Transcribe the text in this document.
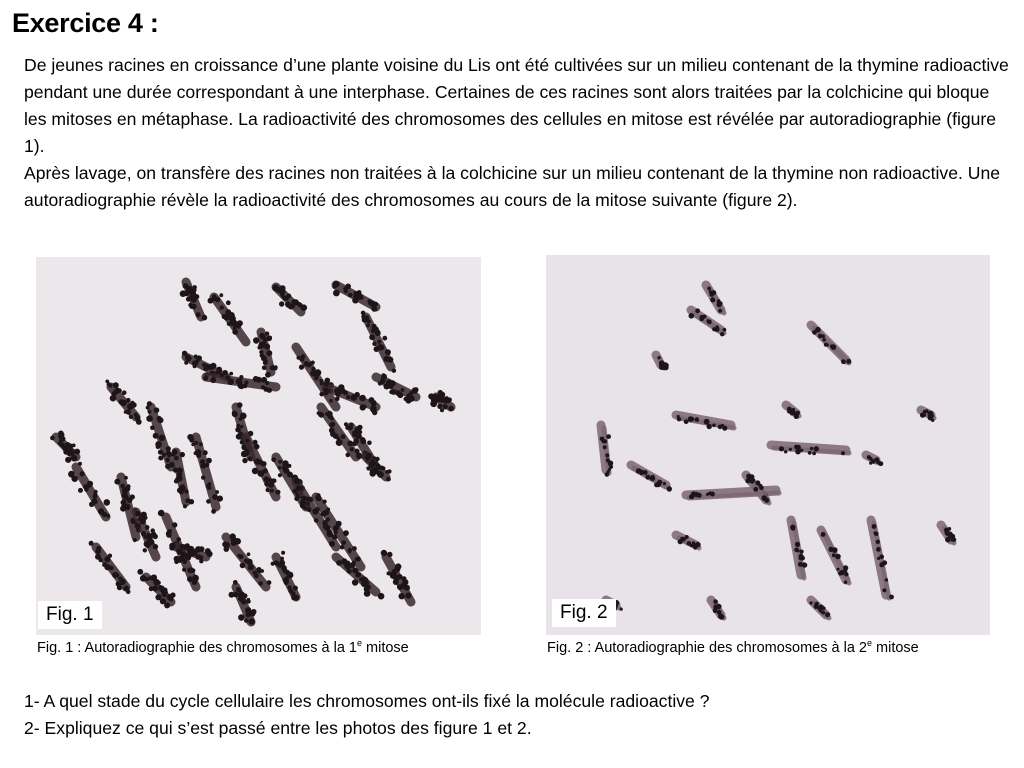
Exercice 4 :

De jeunes racines en croissance d’une plante voisine du Lis ont été cultivées sur un milieu contenant de la thymine radioactive pendant une durée correspondant à une interphase. Certaines de ces racines sont alors traitées par la colchicine qui bloque les mitoses en métaphase. La radioactivité des chromosomes des cellules en mitose est révélée par autoradiographie (figure 1).

Après lavage, on transfère des racines non traitées à la colchicine sur un milieu contenant de la thymine non radioactive. Une autoradiographie révèle la radioactivité des chromosomes au cours de la mitose suivante (figure 2).

Fig. 1	Fig. 2
Fig. 1 : Autoradiographie des chromosomes à la 1e mitose	Fig. 2 : Autoradiographie des chromosomes à la 2e mitose

1- A quel stade du cycle cellulaire les chromosomes ont-ils fixé la molécule radioactive ?

2- Expliquez ce qui s’est passé entre les photos des figure 1 et 2.
